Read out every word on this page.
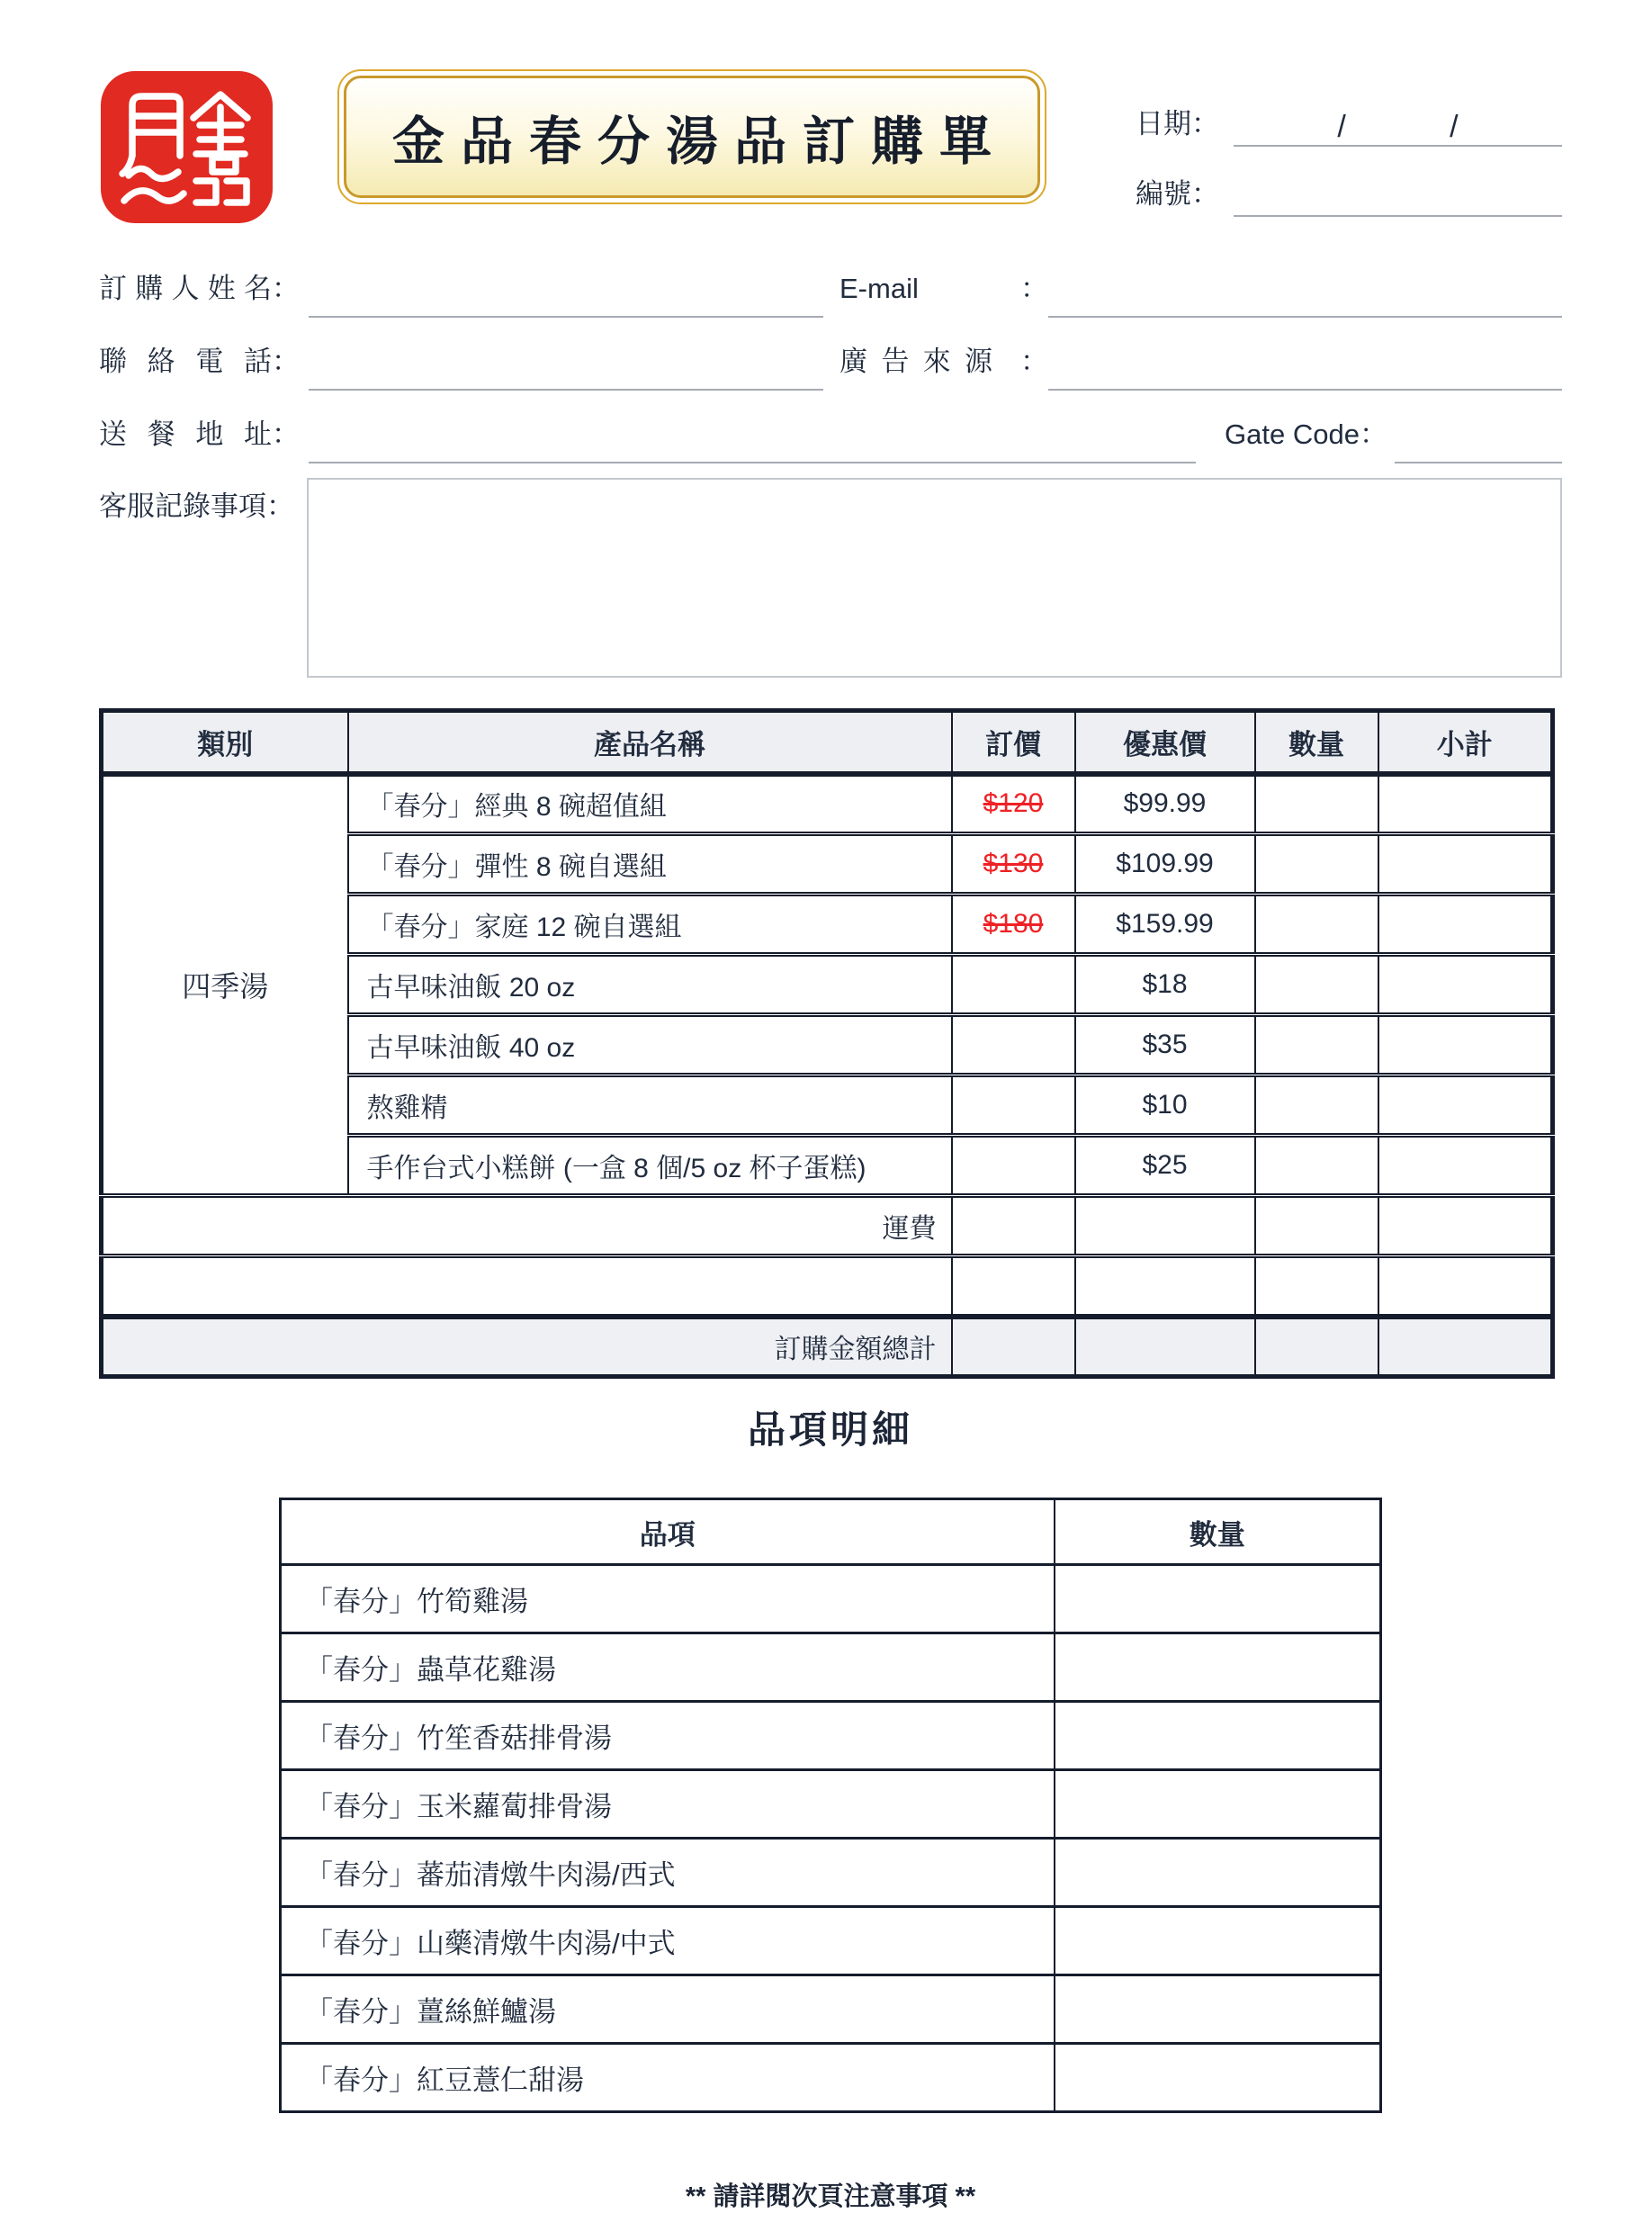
金品春分湯品訂購單	日期：	/	/
編號：
訂購人姓名 ：	E-mail	：
聯絡電話 ：	廣告來源 ：
送餐地址 ：	Gate Code：
客服記錄事項：
類別	產品名稱	訂價	優惠價	數量	小計
四季湯	「春分」經典 8 碗超值組	$120	$99.99		
	「春分」彈性 8 碗自選組	$130	$109.99		
	「春分」家庭 12 碗自選組	$180	$159.99		
	古早味油飯 20 oz		$18		
	古早味油飯 40 oz		$35		
	熬雞精		$10		
	手作台式小糕餅 (一盒 8 個/5 oz 杯子蛋糕)		$25		
運費					

訂購金額總計					
品項明細
品項	數量
「春分」竹筍雞湯	
「春分」蟲草花雞湯	
「春分」竹笙香菇排骨湯	
「春分」玉米蘿蔔排骨湯	
「春分」蕃茄清燉牛肉湯/西式	
「春分」山藥清燉牛肉湯/中式	
「春分」薑絲鮮鱸湯	
「春分」紅豆薏仁甜湯	
** 請詳閱次頁注意事項 **
